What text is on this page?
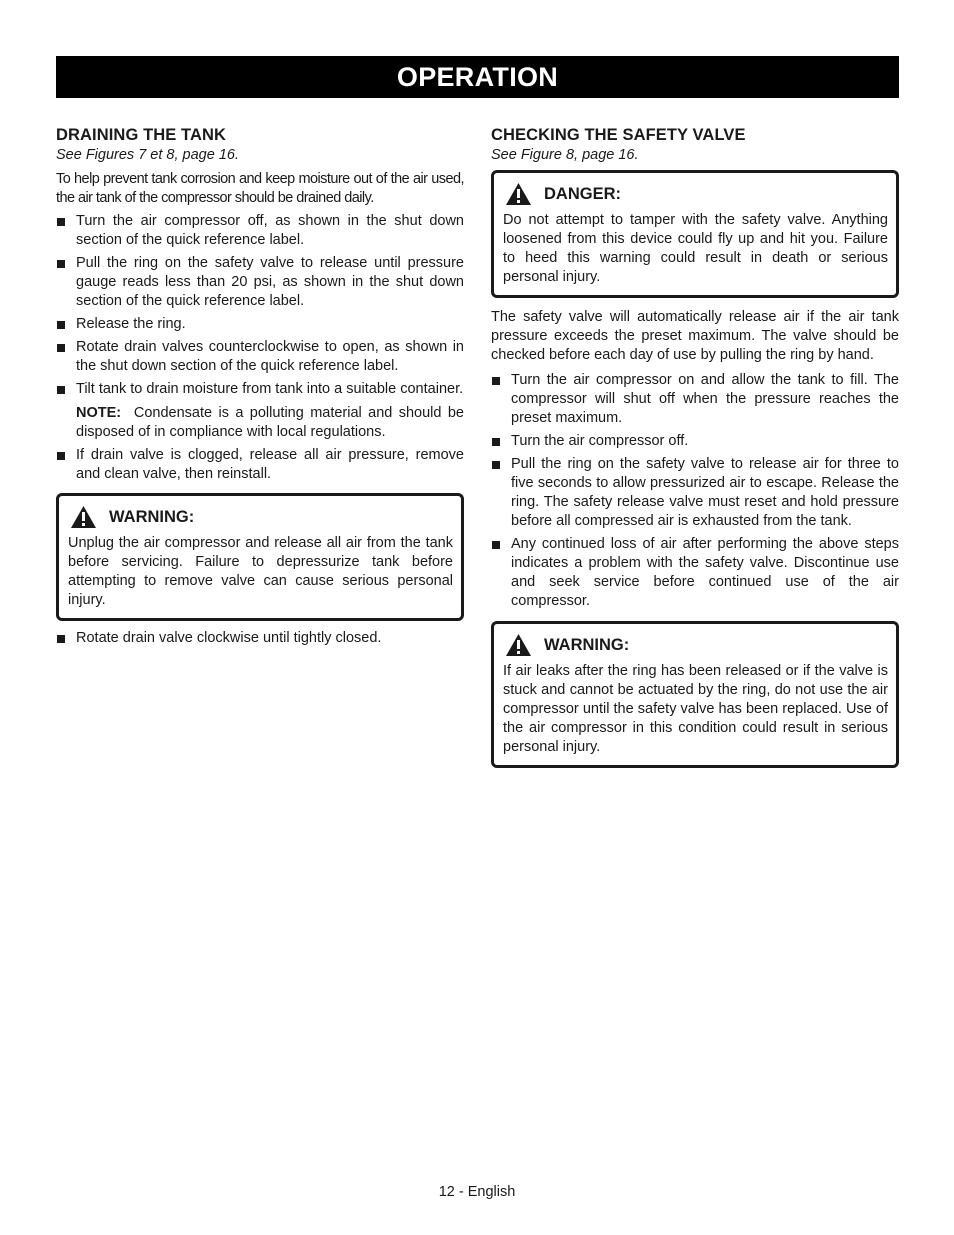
OPERATION
DRAINING THE TANK
See Figures 7 et 8, page 16.

To help prevent tank corrosion and keep moisture out of the air used, the air tank of the compressor should be drained daily.

Turn the air compressor off, as shown in the shut down section of the quick reference label.
Pull the ring on the safety valve to release until pressure gauge reads less than 20 psi, as shown in the shut down section of the quick reference label.
Release the ring.
Rotate drain valves counterclockwise to open, as shown in the shut down section of the quick reference label.
Tilt tank to drain moisture from tank into a suitable container.
NOTE: Condensate is a polluting material and should be disposed of in compliance with local regulations.
If drain valve is clogged, release all air pressure, remove and clean valve, then reinstall.
WARNING:
Unplug the air compressor and release all air from the tank before servicing. Failure to depressurize tank before attempting to remove valve can cause serious personal injury.
Rotate drain valve clockwise until tightly closed.
CHECKING THE SAFETY VALVE
See Figure 8, page 16.
DANGER:
Do not attempt to tamper with the safety valve. Anything loosened from this device could fly up and hit you. Failure to heed this warning could result in death or serious personal injury.

The safety valve will automatically release air if the air tank pressure exceeds the preset maximum. The valve should be checked before each day of use by pulling the ring by hand.

Turn the air compressor on and allow the tank to fill. The compressor will shut off when the pressure reaches the preset maximum.
Turn the air compressor off.
Pull the ring on the safety valve to release air for three to five seconds to allow pressurized air to escape. Release the ring. The safety release valve must reset and hold pressure before all compressed air is exhausted from the tank.
Any continued loss of air after performing the above steps indicates a problem with the safety valve. Discontinue use and seek service before continued use of the air compressor.
WARNING:
If air leaks after the ring has been released or if the valve is stuck and cannot be actuated by the ring, do not use the air compressor until the safety valve has been replaced. Use of the air compressor in this condition could result in serious personal injury.
12 - English
